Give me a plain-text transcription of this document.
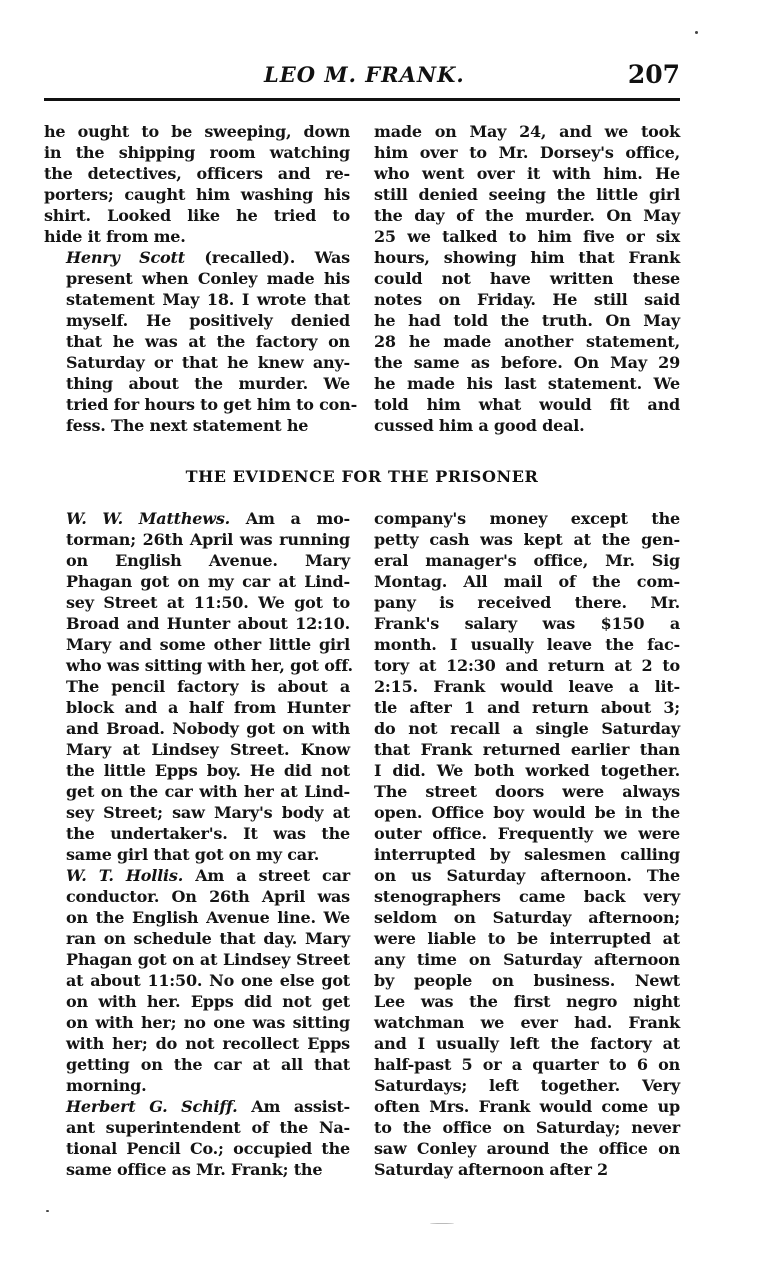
LEO M. FRANK.	207

he ought to be sweeping, down
in the shipping room watching
the detectives, officers and re-
porters; caught him washing his
shirt. Looked like he tried to
hide it from me.

Henry Scott (recalled). Was
present when Conley made his
statement May 18. I wrote that
myself. He positively denied
that he was at the factory on
Saturday or that he knew any-
thing about the murder. We
tried for hours to get him to con-
fess. The next statement he

made on May 24, and we took
him over to Mr. Dorsey's office,
who went over it with him. He
still denied seeing the little girl
the day of the murder. On May
25 we talked to him five or six
hours, showing him that Frank
could not have written these
notes on Friday. He still said
he had told the truth. On May
28 he made another statement,
the same as before. On May 29
he made his last statement. We
told him what would fit and
cussed him a good deal.

THE EVIDENCE FOR THE PRISONER

W. W. Matthews. Am a mo-
torman; 26th April was running
on English Avenue. Mary
Phagan got on my car at Lind-
sey Street at 11:50. We got to
Broad and Hunter about 12:10.
Mary and some other little girl
who was sitting with her, got off.
The pencil factory is about a
block and a half from Hunter
and Broad. Nobody got on with
Mary at Lindsey Street. Know
the little Epps boy. He did not
get on the car with her at Lind-
sey Street; saw Mary's body at
the undertaker's. It was the
same girl that got on my car.

W. T. Hollis. Am a street car
conductor. On 26th April was
on the English Avenue line. We
ran on schedule that day. Mary
Phagan got on at Lindsey Street
at about 11:50. No one else got
on with her. Epps did not get
on with her; no one was sitting
with her; do not recollect Epps
getting on the car at all that
morning.

Herbert G. Schiff. Am assist-
ant superintendent of the Na-
tional Pencil Co.; occupied the
same office as Mr. Frank; the

company's money except the
petty cash was kept at the gen-
eral manager's office, Mr. Sig
Montag. All mail of the com-
pany is received there. Mr.
Frank's salary was $150 a
month. I usually leave the fac-
tory at 12:30 and return at 2 to
2:15. Frank would leave a lit-
tle after 1 and return about 3;
do not recall a single Saturday
that Frank returned earlier than
I did. We both worked together.
The street doors were always
open. Office boy would be in the
outer office. Frequently we were
interrupted by salesmen calling
on us Saturday afternoon. The
stenographers came back very
seldom on Saturday afternoon;
were liable to be interrupted at
any time on Saturday afternoon
by people on business. Newt
Lee was the first negro night
watchman we ever had. Frank
and I usually left the factory at
half-past 5 or a quarter to 6 on
Saturdays; left together. Very
often Mrs. Frank would come up
to the office on Saturday; never
saw Conley around the office on
Saturday afternoon after 2
